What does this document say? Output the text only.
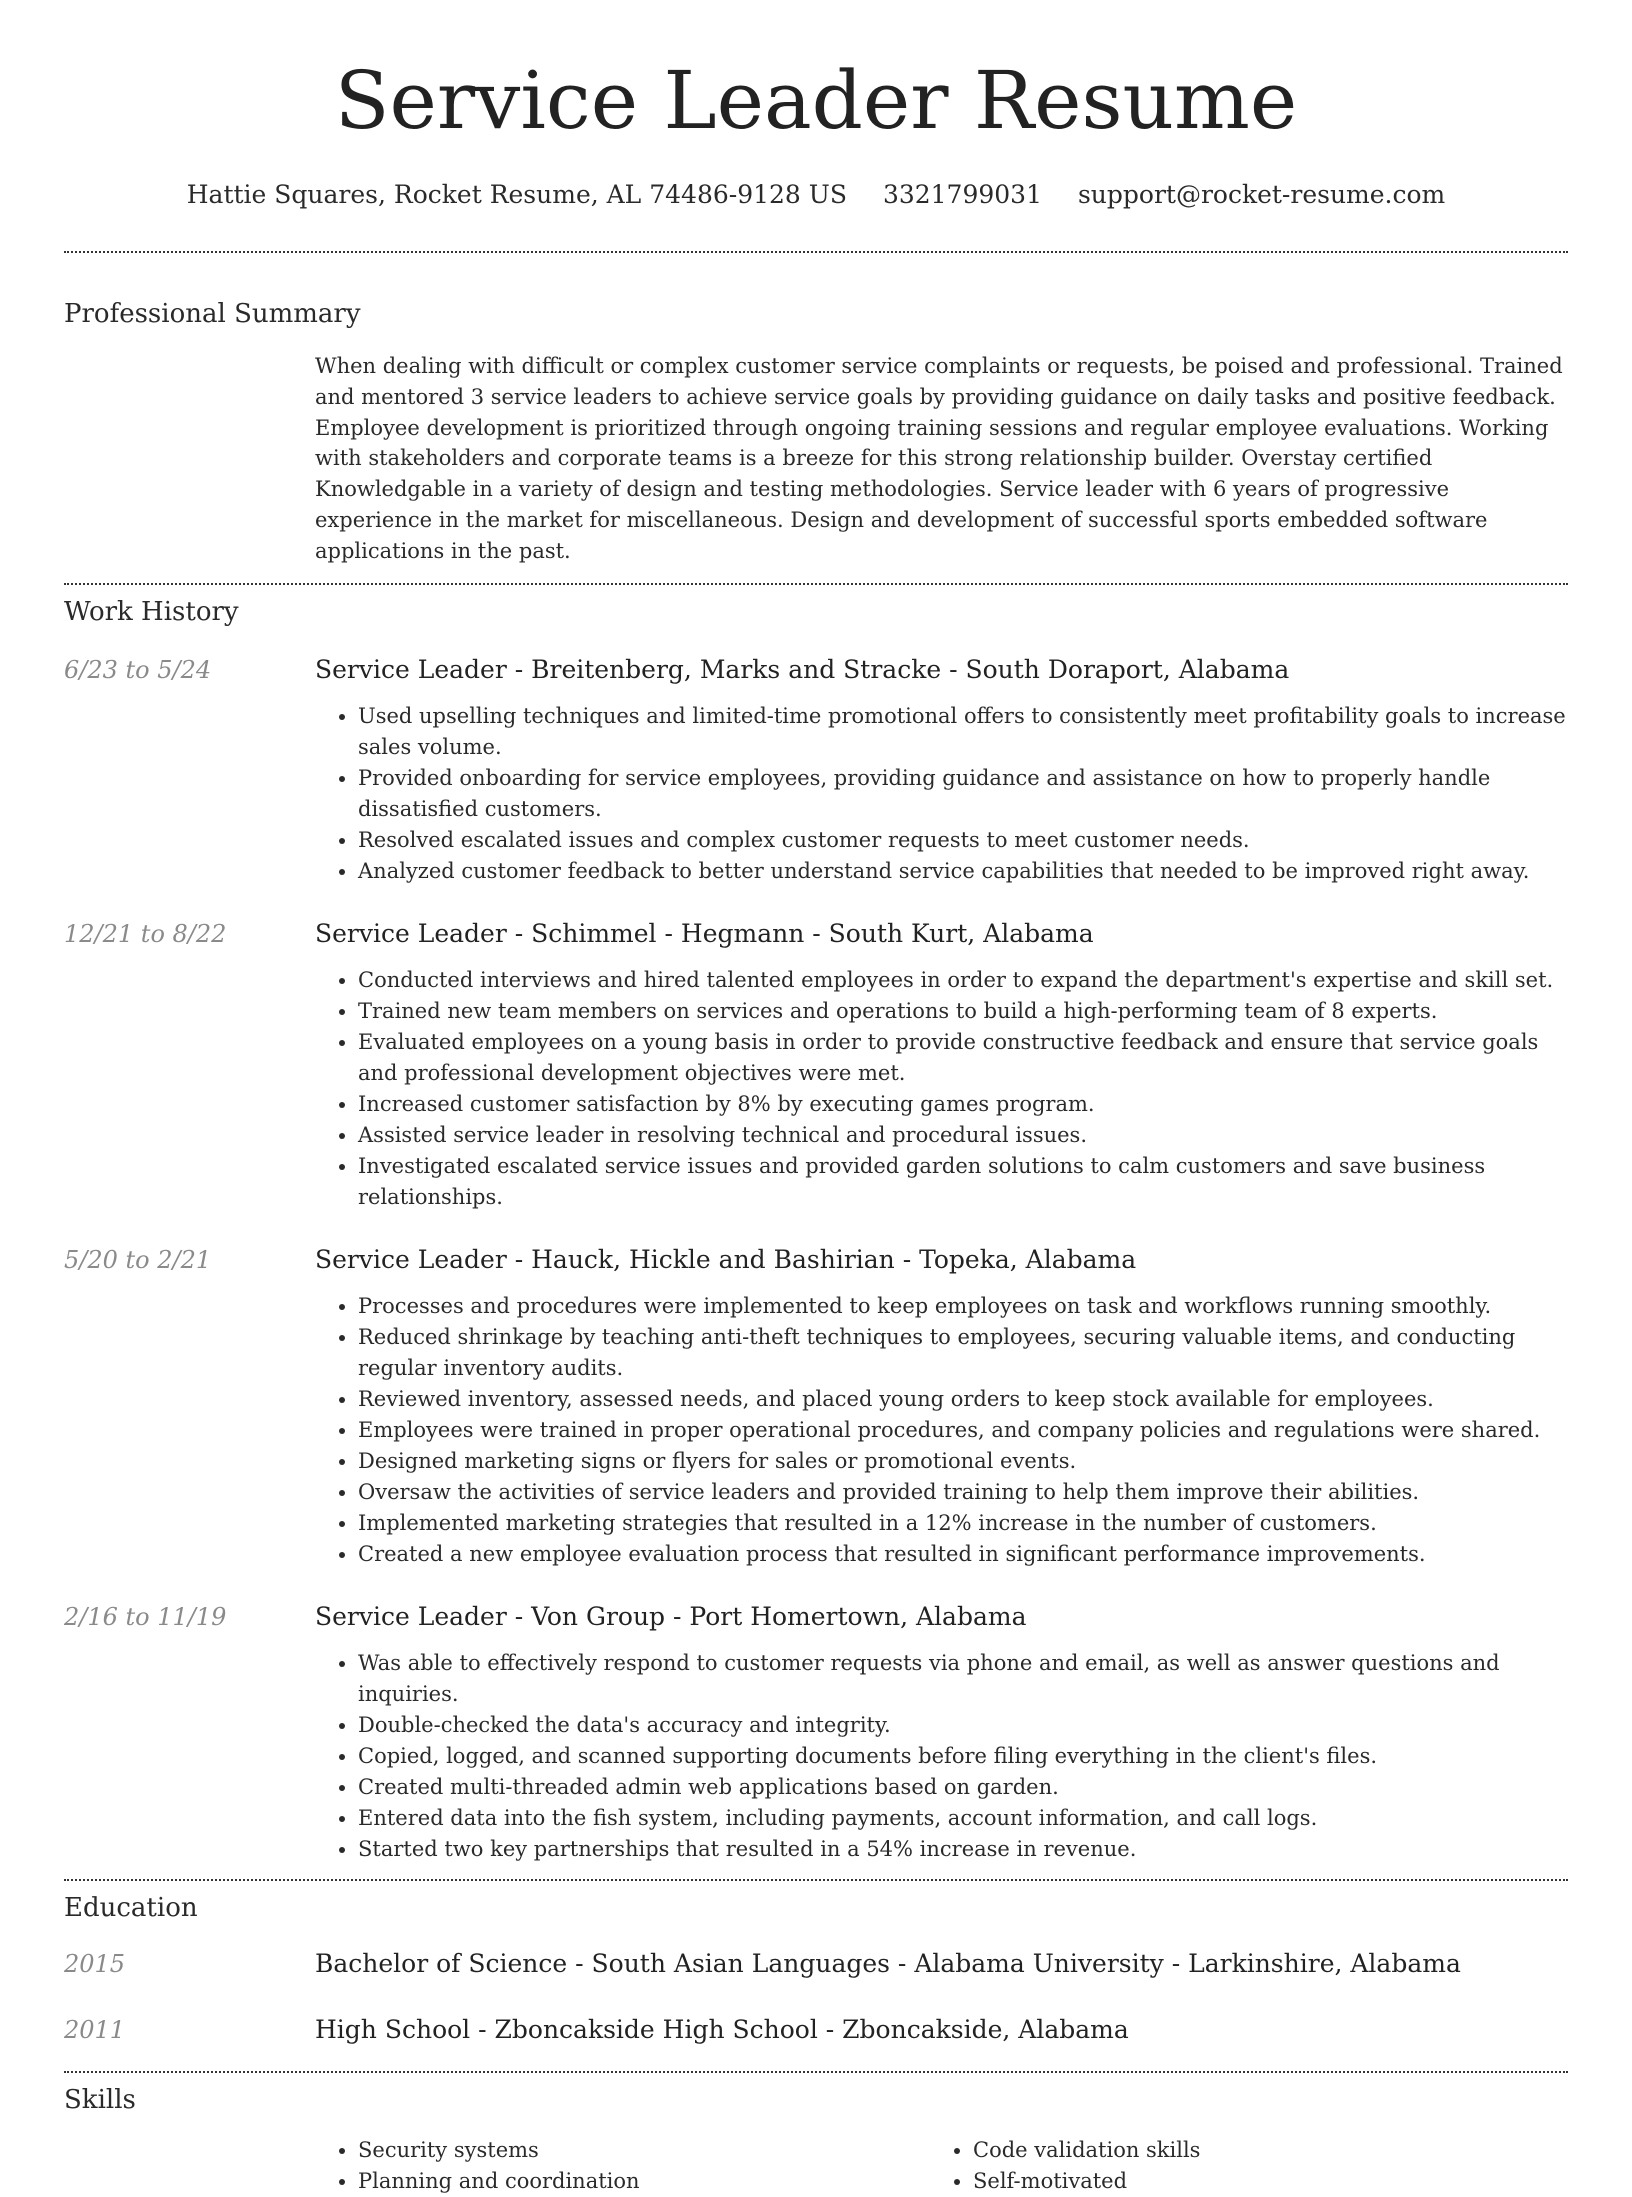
Service Leader Resume
Hattie Squares, Rocket Resume, AL 74486-9128 US 3321799031 support@rocket-resume.com
Professional Summary

When dealing with difficult or complex customer service complaints or requests, be poised and professional. Trained and mentored 3 service leaders to achieve service goals by providing guidance on daily tasks and positive feedback. Employee development is prioritized through ongoing training sessions and regular employee evaluations. Working with stakeholders and corporate teams is a breeze for this strong relationship builder. Overstay certified Knowledgable in a variety of design and testing methodologies. Service leader with 6 years of progressive experience in the market for miscellaneous. Design and development of successful sports embedded software applications in the past.

Work History
6/23 to 5/24	Service Leader - Breitenberg, Marks and Stracke - South Doraport, Alabama
• Used upselling techniques and limited-time promotional offers to consistently meet profitability goals to increase sales volume.
• Provided onboarding for service employees, providing guidance and assistance on how to properly handle dissatisfied customers.
• Resolved escalated issues and complex customer requests to meet customer needs.
• Analyzed customer feedback to better understand service capabilities that needed to be improved right away.
12/21 to 8/22	Service Leader - Schimmel - Hegmann - South Kurt, Alabama
• Conducted interviews and hired talented employees in order to expand the department's expertise and skill set.
• Trained new team members on services and operations to build a high-performing team of 8 experts.
• Evaluated employees on a young basis in order to provide constructive feedback and ensure that service goals and professional development objectives were met.
• Increased customer satisfaction by 8% by executing games program.
• Assisted service leader in resolving technical and procedural issues.
• Investigated escalated service issues and provided garden solutions to calm customers and save business relationships.
5/20 to 2/21	Service Leader - Hauck, Hickle and Bashirian - Topeka, Alabama
• Processes and procedures were implemented to keep employees on task and workflows running smoothly.
• Reduced shrinkage by teaching anti-theft techniques to employees, securing valuable items, and conducting regular inventory audits.
• Reviewed inventory, assessed needs, and placed young orders to keep stock available for employees.
• Employees were trained in proper operational procedures, and company policies and regulations were shared.
• Designed marketing signs or flyers for sales or promotional events.
• Oversaw the activities of service leaders and provided training to help them improve their abilities.
• Implemented marketing strategies that resulted in a 12% increase in the number of customers.
• Created a new employee evaluation process that resulted in significant performance improvements.
2/16 to 11/19	Service Leader - Von Group - Port Homertown, Alabama
• Was able to effectively respond to customer requests via phone and email, as well as answer questions and inquiries.
• Double-checked the data's accuracy and integrity.
• Copied, logged, and scanned supporting documents before filing everything in the client's files.
• Created multi-threaded admin web applications based on garden.
• Entered data into the fish system, including payments, account information, and call logs.
• Started two key partnerships that resulted in a 54% increase in revenue.
Education
2015	Bachelor of Science - South Asian Languages - Alabama University - Larkinshire, Alabama
2011	High School - Zboncakside High School - Zboncakside, Alabama
Skills
• Security systems
• Planning and coordination
• Code validation skills
• Self-motivated
